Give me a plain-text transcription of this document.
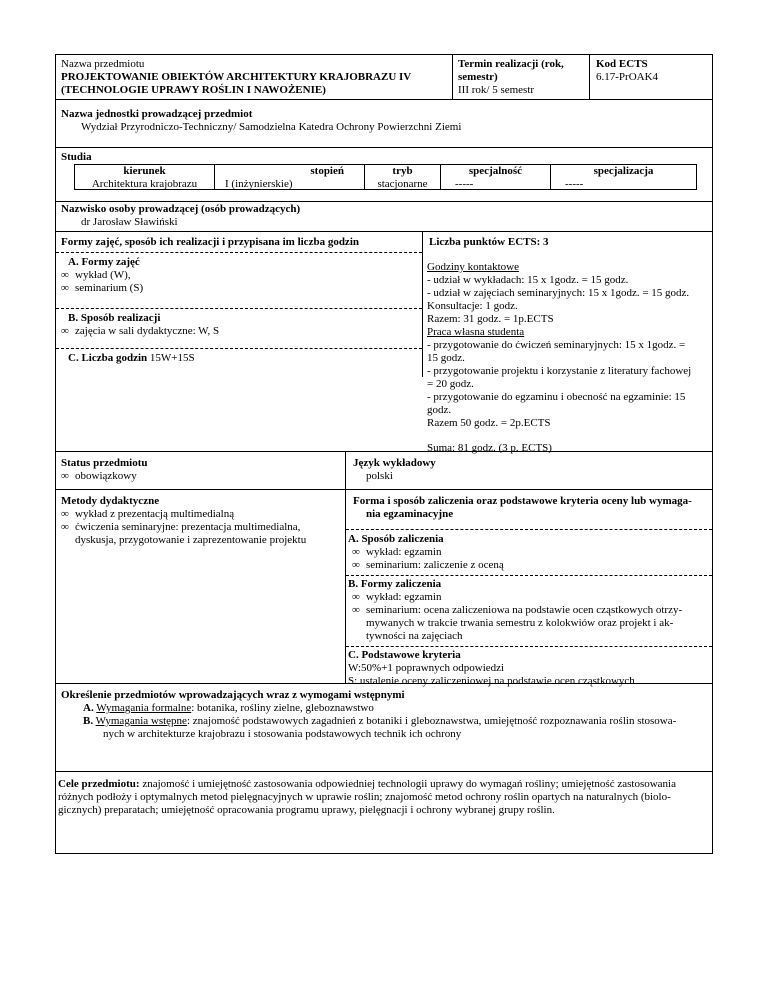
Nazwa przedmiotu
PROJEKTOWANIE OBIEKTÓW ARCHITEKTURY KRAJOBRAZU IV
(TECHNOLOGIE UPRAWY ROŚLIN I NAWOŻENIE)
Termin realizacji (rok,
semestr)
III rok/ 5 semestr
Kod ECTS
6.17-PrOAK4
Nazwa jednostki prowadzącej przedmiot
Wydział Przyrodniczo-Techniczny/ Samodzielna Katedra Ochrony Powierzchni Ziemi
Studia
kierunek
Architektura krajobrazu
stopień
I (inżynierskie)
tryb
stacjonarne
specjalność
-----
specjalizacja
-----
Nazwisko osoby prowadzącej (osób prowadzących)
dr Jarosław Sławiński
Formy zajęć, sposób ich realizacji i przypisana im liczba godzin
A. Formy zajęć
∞ wykład (W),
∞ seminarium (S)
B. Sposób realizacji
∞ zajęcia w sali dydaktyczne: W, S
C. Liczba godzin 15W+15S
Liczba punktów ECTS: 3
Godziny kontaktowe
- udział w wykładach: 15 x 1godz. = 15 godz.
- udział w zajęciach seminaryjnych: 15 x 1godz. = 15 godz.
Konsultacje: 1 godz.
Razem: 31 godz. = 1p.ECTS
Praca własna studenta
- przygotowanie do ćwiczeń seminaryjnych: 15 x 1godz. =
15 godz.
- przygotowanie projektu i korzystanie z literatury fachowej
= 20 godz.
- przygotowanie do egzaminu i obecność na egzaminie: 15
godz.
Razem 50 godz. = 2p.ECTS
Suma: 81 godz. (3 p. ECTS)
Status przedmiotu
∞ obowiązkowy
Język wykładowy
polski
Metody dydaktyczne
∞ wykład z prezentacją multimedialną
∞ ćwiczenia seminaryjne: prezentacja multimedialna,
dyskusja, przygotowanie i zaprezentowanie projektu
Forma i sposób zaliczenia oraz podstawowe kryteria oceny lub wymaga-
nia egzaminacyjne
A. Sposób zaliczenia
∞ wykład: egzamin
∞ seminarium: zaliczenie z oceną
B. Formy zaliczenia
∞ wykład: egzamin
∞ seminarium: ocena zaliczeniowa na podstawie ocen cząstkowych otrzy-
mywanych w trakcie trwania semestru z kolokwiów oraz projekt i ak-
tywności na zajęciach
C. Podstawowe kryteria
W:50%+1 poprawnych odpowiedzi
S: ustalenie oceny zaliczeniowej na podstawie ocen cząstkowych
Określenie przedmiotów wprowadzających wraz z wymogami wstępnymi
A. Wymagania formalne: botanika, rośliny zielne, gleboznawstwo
B. Wymagania wstępne: znajomość podstawowych zagadnień z botaniki i gleboznawstwa, umiejętność rozpoznawania roślin stosowa-
nych w architekturze krajobrazu i stosowania podstawowych technik ich ochrony
Cele przedmiotu: znajomość i umiejętność zastosowania odpowiedniej technologii uprawy do wymagań rośliny; umiejętność zastosowania
różnych podłoży i optymalnych metod pielęgnacyjnych w uprawie roślin; znajomość metod ochrony roślin opartych na naturalnych (biolo-
gicznych) preparatach; umiejętność opracowania programu uprawy, pielęgnacji i ochrony wybranej grupy roślin.
